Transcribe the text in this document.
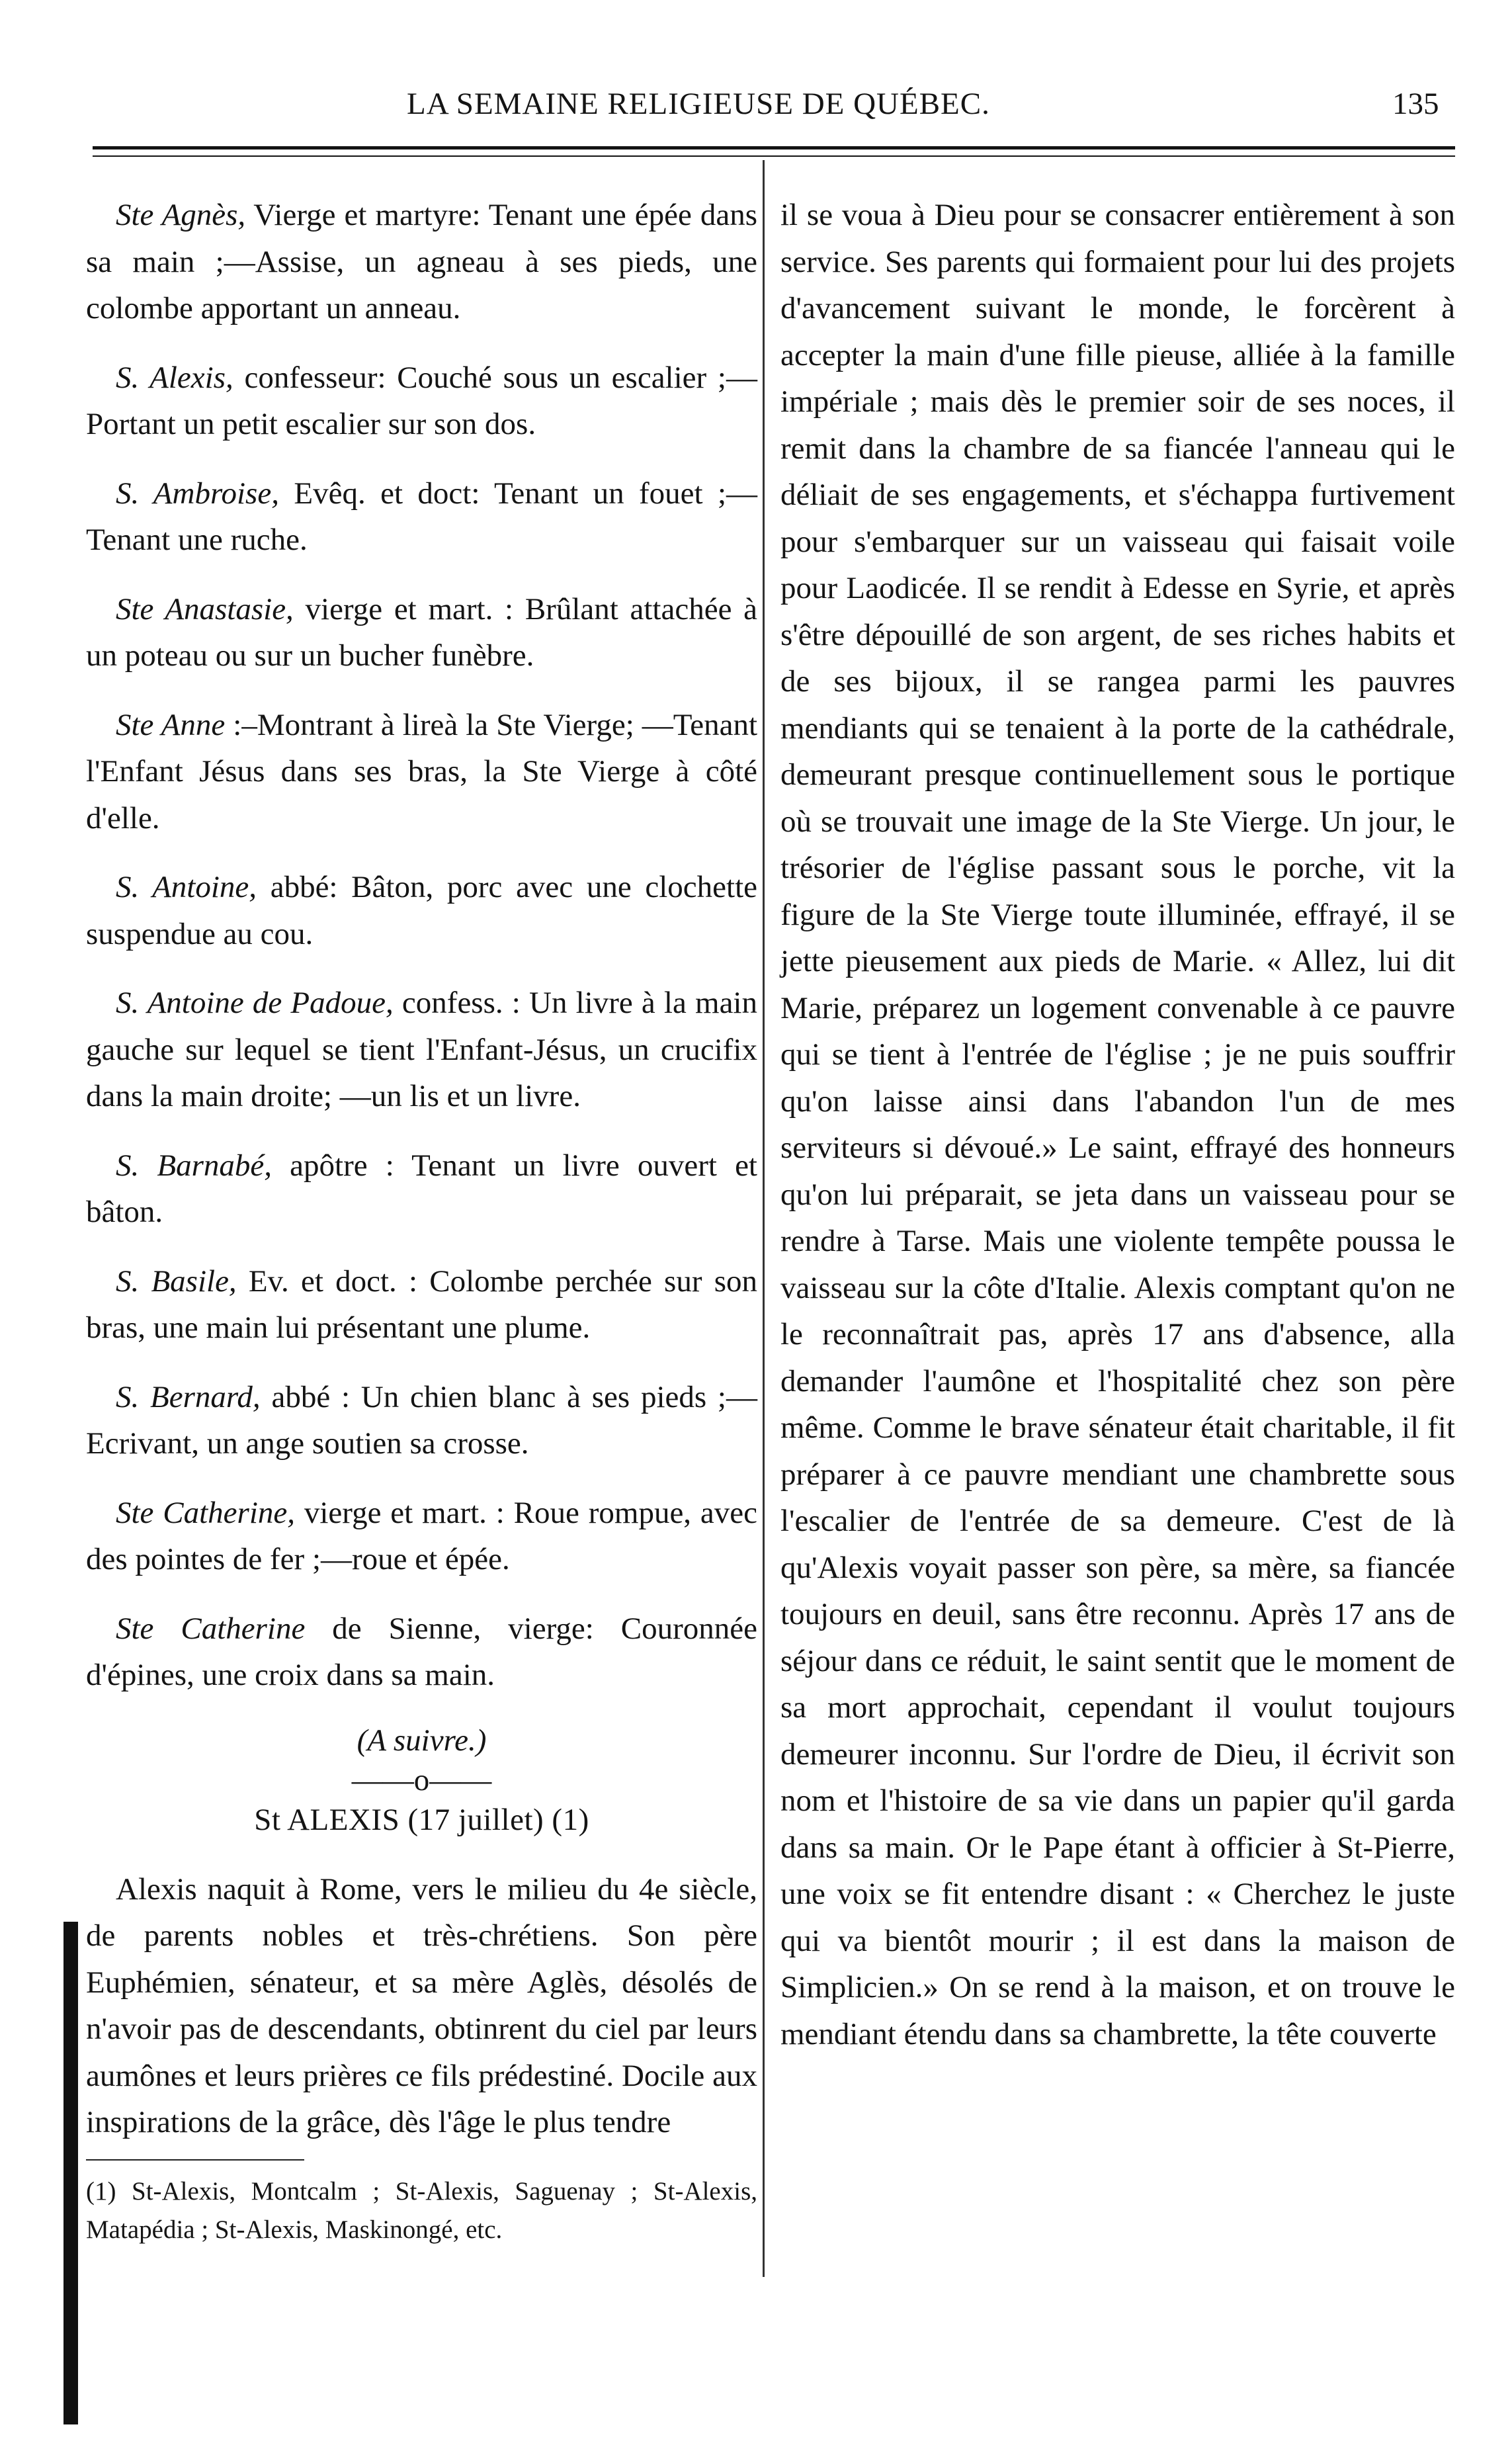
LA SEMAINE RELIGIEUSE DE QUÉBEC.	135

Ste Agnès, Vierge et martyre: Tenant une épée dans sa main ;—Assise, un agneau à ses pieds, une colombe apportant un anneau.

S. Alexis, confesseur: Couché sous un escalier ;—Portant un petit escalier sur son dos.

S. Ambroise, Evêq. et doct: Tenant un fouet ;—Tenant une ruche.

Ste Anastasie, vierge et mart. : Brûlant attachée à un poteau ou sur un bucher funèbre.

Ste Anne :–Montrant à lireà la Ste Vierge; —Tenant l'Enfant Jésus dans ses bras, la Ste Vierge à côté d'elle.

S. Antoine, abbé: Bâton, porc avec une clochette suspendue au cou.

S. Antoine de Padoue, confess. : Un livre à la main gauche sur lequel se tient l'Enfant-Jésus, un crucifix dans la main droite; —un lis et un livre.

S. Barnabé, apôtre : Tenant un livre ouvert et bâton.

S. Basile, Ev. et doct. : Colombe perchée sur son bras, une main lui présentant une plume.

S. Bernard, abbé : Un chien blanc à ses pieds ;—Ecrivant, un ange soutien sa crosse.

Ste Catherine, vierge et mart. : Roue rompue, avec des pointes de fer ;—roue et épée.

Ste Catherine de Sienne, vierge: Couronnée d'épines, une croix dans sa main.

(A suivre.)

——o——

St ALEXIS (17 juillet) (1)

Alexis naquit à Rome, vers le milieu du 4e siècle, de parents nobles et très-chrétiens. Son père Euphémien, sénateur, et sa mère Aglès, désolés de n'avoir pas de descendants, obtinrent du ciel par leurs aumônes et leurs prières ce fils prédestiné. Docile aux inspirations de la grâce, dès l'âge le plus tendre

(1) St-Alexis, Montcalm ; St-Alexis, Saguenay ; St-Alexis, Matapédia ; St-Alexis, Maskinongé, etc.

il se voua à Dieu pour se consacrer entièrement à son service. Ses parents qui formaient pour lui des projets d'avancement suivant le monde, le forcèrent à accepter la main d'une fille pieuse, alliée à la famille impériale ; mais dès le premier soir de ses noces, il remit dans la chambre de sa fiancée l'anneau qui le déliait de ses engagements, et s'échappa furtivement pour s'embarquer sur un vaisseau qui faisait voile pour Laodicée. Il se rendit à Edesse en Syrie, et après s'être dépouillé de son argent, de ses riches habits et de ses bijoux, il se rangea parmi les pauvres mendiants qui se tenaient à la porte de la cathédrale, demeurant presque continuellement sous le portique où se trouvait une image de la Ste Vierge. Un jour, le trésorier de l'église passant sous le porche, vit la figure de la Ste Vierge toute illuminée, effrayé, il se jette pieusement aux pieds de Marie. « Allez, lui dit Marie, préparez un logement convenable à ce pauvre qui se tient à l'entrée de l'église ; je ne puis souffrir qu'on laisse ainsi dans l'abandon l'un de mes serviteurs si dévoué.» Le saint, effrayé des honneurs qu'on lui préparait, se jeta dans un vaisseau pour se rendre à Tarse. Mais une violente tempête poussa le vaisseau sur la côte d'Italie. Alexis comptant qu'on ne le reconnaîtrait pas, après 17 ans d'absence, alla demander l'aumône et l'hospitalité chez son père même. Comme le brave sénateur était charitable, il fit préparer à ce pauvre mendiant une chambrette sous l'escalier de l'entrée de sa demeure. C'est de là qu'Alexis voyait passer son père, sa mère, sa fiancée toujours en deuil, sans être reconnu. Après 17 ans de séjour dans ce réduit, le saint sentit que le moment de sa mort approchait, cependant il voulut toujours demeurer inconnu. Sur l'ordre de Dieu, il écrivit son nom et l'histoire de sa vie dans un papier qu'il garda dans sa main. Or le Pape étant à officier à St-Pierre, une voix se fit entendre disant : « Cherchez le juste qui va bientôt mourir ; il est dans la maison de Simplicien.» On se rend à la maison, et on trouve le mendiant étendu dans sa chambrette, la tête couverte
